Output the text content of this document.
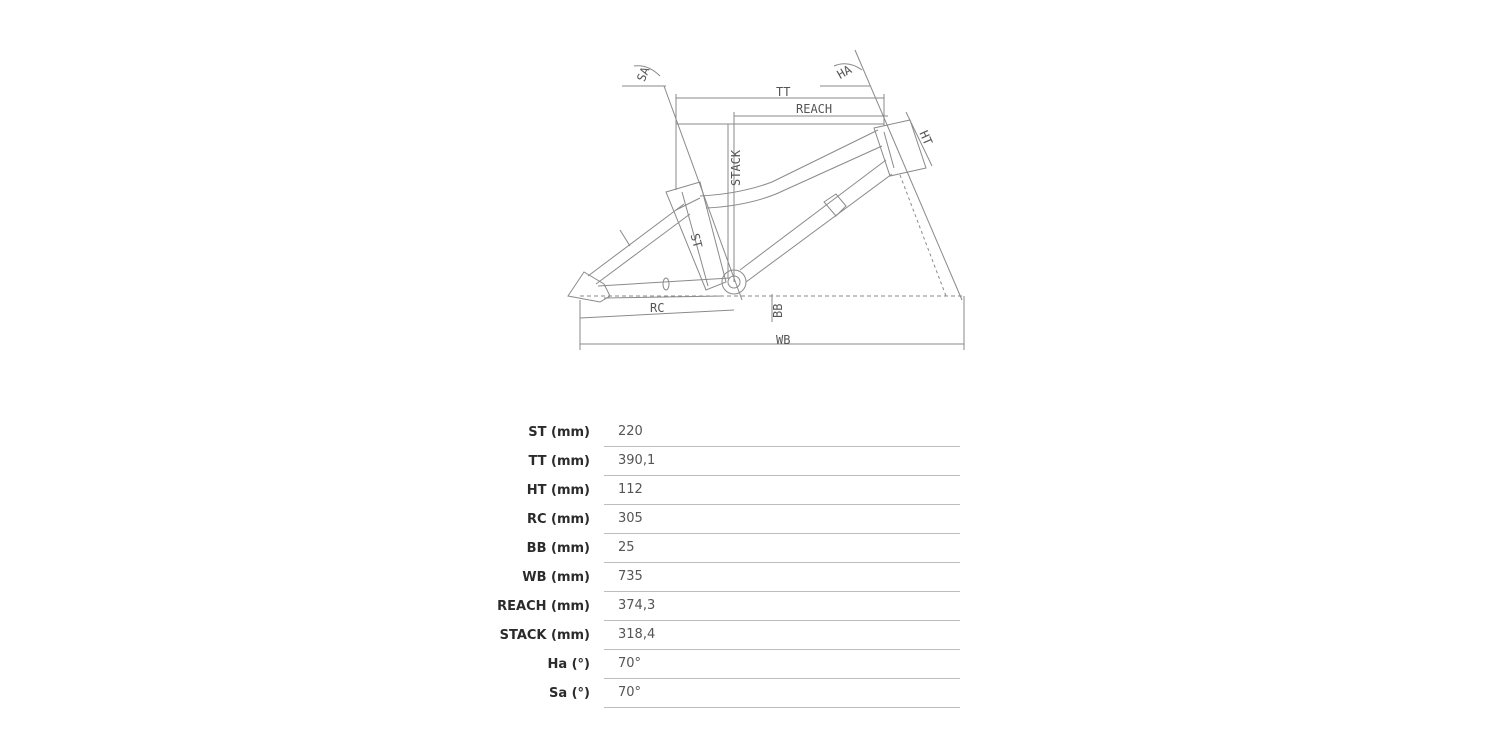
SA	HA
TT
REACH
HT
STACK
ST
RC	BB
WB
ST (mm)	220
TT (mm)	390,1
HT (mm)	112
RC (mm)	305
BB (mm)	25
WB (mm)	735
REACH (mm)	374,3
STACK (mm)	318,4
Ha (°)	70°
Sa (°)	70°
